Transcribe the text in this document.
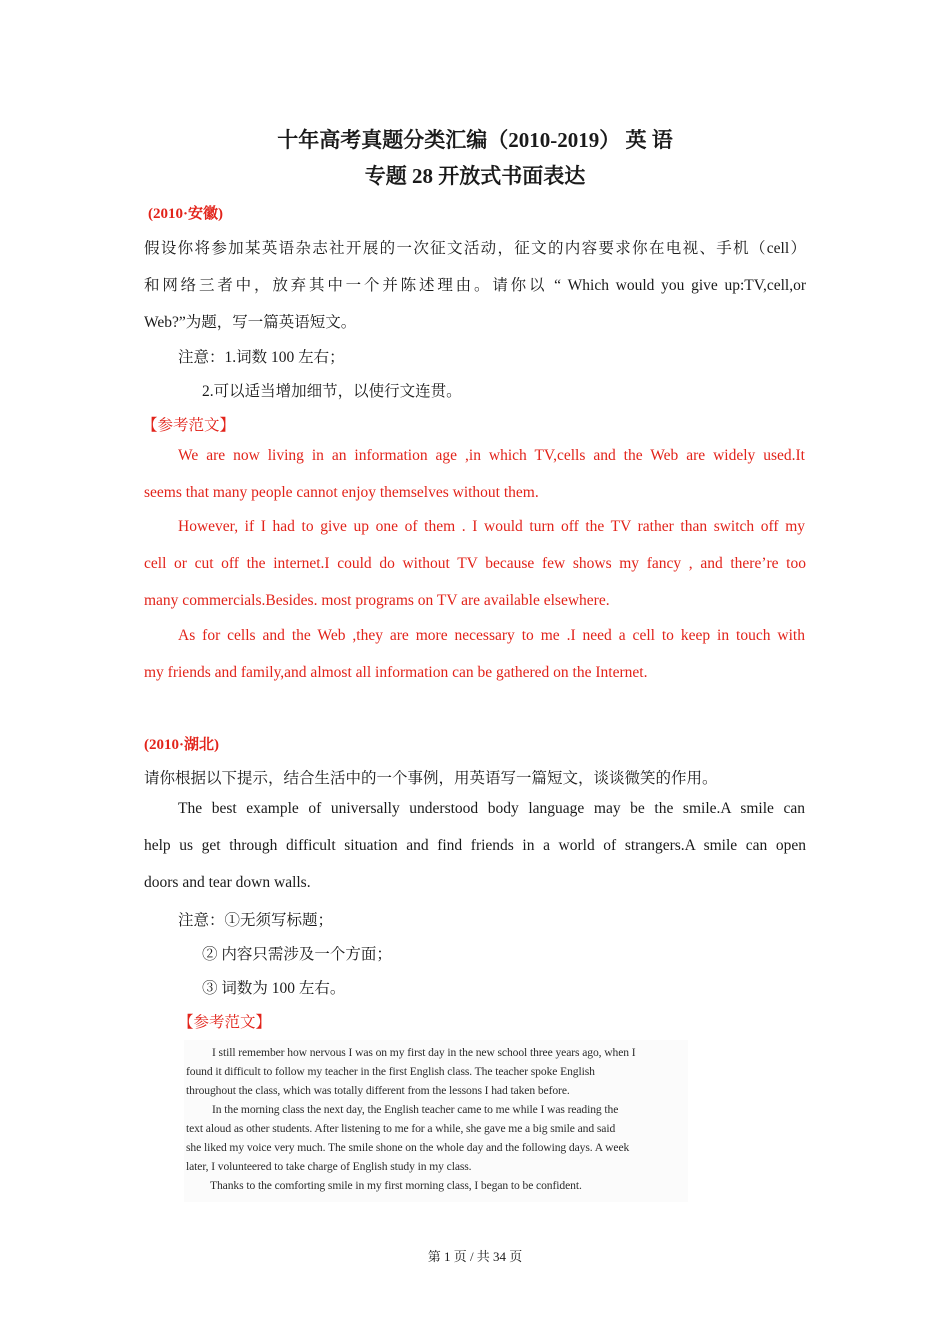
十年高考真题分类汇编（2010-2019） 英 语
专题 28 开放式书面表达
(2010·安徽)
假设你将参加某英语杂志社开展的一次征文活动，征文的内容要求你在电视、手机（cell）
和网络三者中，放弃其中一个并陈述理由。请你以 “ Which would you give up:TV,cell,or
Web?”为题，写一篇英语短文。
注意：1.词数 100 左右；
2.可以适当增加细节，以使行文连贯。
【参考范文】
We are now living in an information age ,in which TV,cells and the Web are widely used.It
seems that many people cannot enjoy themselves without them.
However, if I had to give up one of them . I would turn off the TV rather than switch off my
cell or cut off the internet.I could do without TV because few shows my fancy , and there’re too
many commercials.Besides. most programs on TV are available elsewhere.
As for cells and the Web ,they are more necessary to me .I need a cell to keep in touch with
my friends and family,and almost all information can be gathered on the Internet.
(2010·湖北)
请你根据以下提示，结合生活中的一个事例，用英语写一篇短文，谈谈微笑的作用。
The best example of universally understood body language may be the smile.A smile can
help us get through difficult situation and find friends in a world of strangers.A smile can open
doors and tear down walls.
注意：①无须写标题；
② 内容只需涉及一个方面；
③ 词数为 100 左右。
【参考范文】
I still remember how nervous I was on my first day in the new school three years ago, when I
found it difficult to follow my teacher in the first English class. The teacher spoke English
throughout the class, which was totally different from the lessons I had taken before.
In the morning class the next day, the English teacher came to me while I was reading the
text aloud as other students. After listening to me for a while, she gave me a big smile and said
she liked my voice very much. The smile shone on the whole day and the following days. A week
later, I volunteered to take charge of English study in my class.
Thanks to the comforting smile in my first morning class, I began to be confident.
第 1 页 / 共 34 页
